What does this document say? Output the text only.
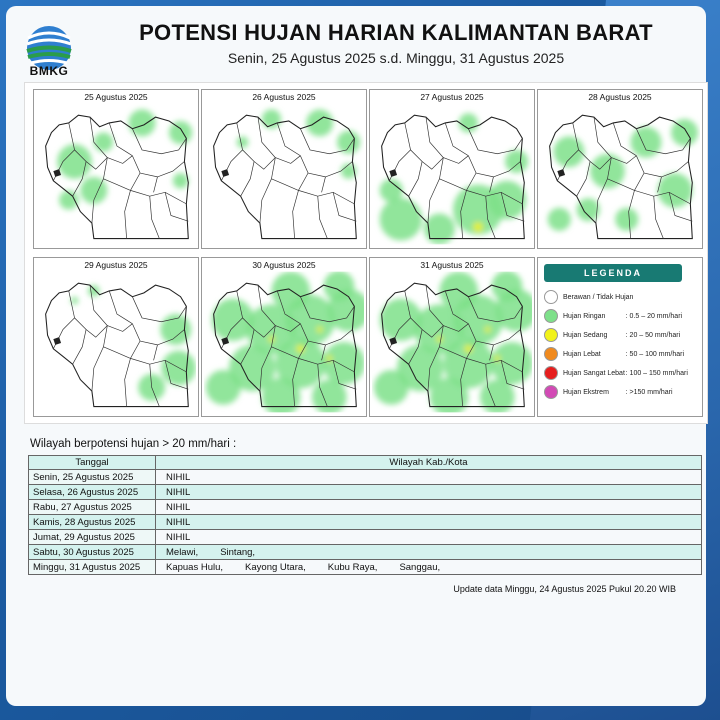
BMKG
POTENSI HUJAN HARIAN KALIMANTAN BARAT
Senin, 25 Agustus 2025 s.d. Minggu, 31 Agustus 2025
25 Agustus 2025	26 Agustus 2025	27 Agustus 2025	28 Agustus 2025
29 Agustus 2025	30 Agustus 2025	31 Agustus 2025
LEGENDA
Berawan / Tidak Hujan
Hujan Ringan	: 0.5 – 20 mm/hari
Hujan Sedang	: 20 – 50 mm/hari
Hujan Lebat	: 50 – 100 mm/hari
Hujan Sangat Lebat : 100 – 150 mm/hari
Hujan Ekstrem	: >150 mm/hari
Wilayah berpotensi hujan > 20 mm/hari :
Tanggal	Wilayah Kab./Kota
Senin, 25 Agustus 2025	NIHIL
Selasa, 26 Agustus 2025	NIHIL
Rabu, 27 Agustus 2025	NIHIL
Kamis, 28 Agustus 2025	NIHIL
Jumat, 29 Agustus 2025	NIHIL
Sabtu, 30 Agustus 2025	Melawi, Sintang,
Minggu, 31 Agustus 2025	Kapuas Hulu, Kayong Utara, Kubu Raya, Sanggau,
Update data Minggu, 24 Agustus 2025 Pukul 20.20 WIB
